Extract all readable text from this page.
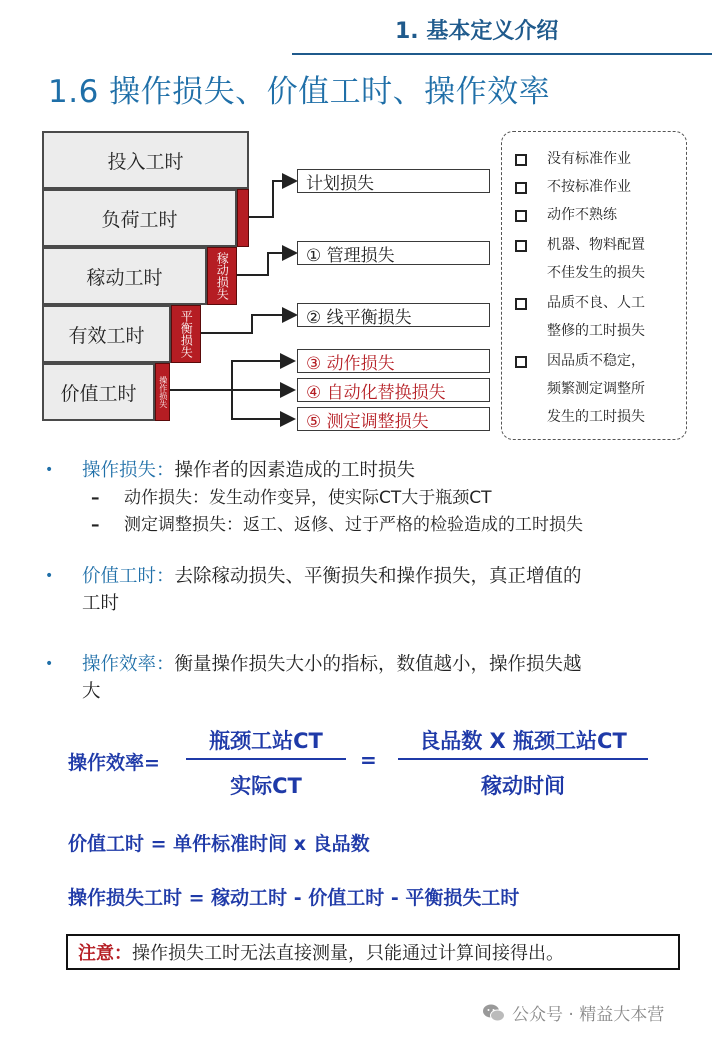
1. 基本定义介绍
1.6 操作损失、价值工时、操作效率
投入工时
负荷工时
稼动工时	稼动损失
有效工时	平衡损失
价值工时	操作损失
计划损失
① 管理损失
② 线平衡损失
③ 动作损失
④ 自动化替换损失
⑤ 测定调整损失
没有标准作业
不按标准作业
动作不熟练
机器、物料配置
不佳发生的损失
品质不良、人工
整修的工时损失
因品质不稳定，
频繁测定调整所
发生的工时损失
• 操作损失：操作者的因素造成的工时损失
– 动作损失：发生动作变异，使实际CT大于瓶颈CT
– 测定调整损失：返工、返修、过于严格的检验造成的工时损失
• 价值工时：去除稼动损失、平衡损失和操作损失，真正增值的
工时
• 操作效率：衡量操作损失大小的指标，数值越小，操作损失越
大
操作效率=
瓶颈工站CT
实际CT
=
良品数 X 瓶颈工站CT
稼动时间
价值工时 = 单件标准时间 x 良品数
操作损失工时 = 稼动工时 - 价值工时 - 平衡损失工时
注意： 操作损失工时无法直接测量，只能通过计算间接得出。
公众号 · 精益大本营
